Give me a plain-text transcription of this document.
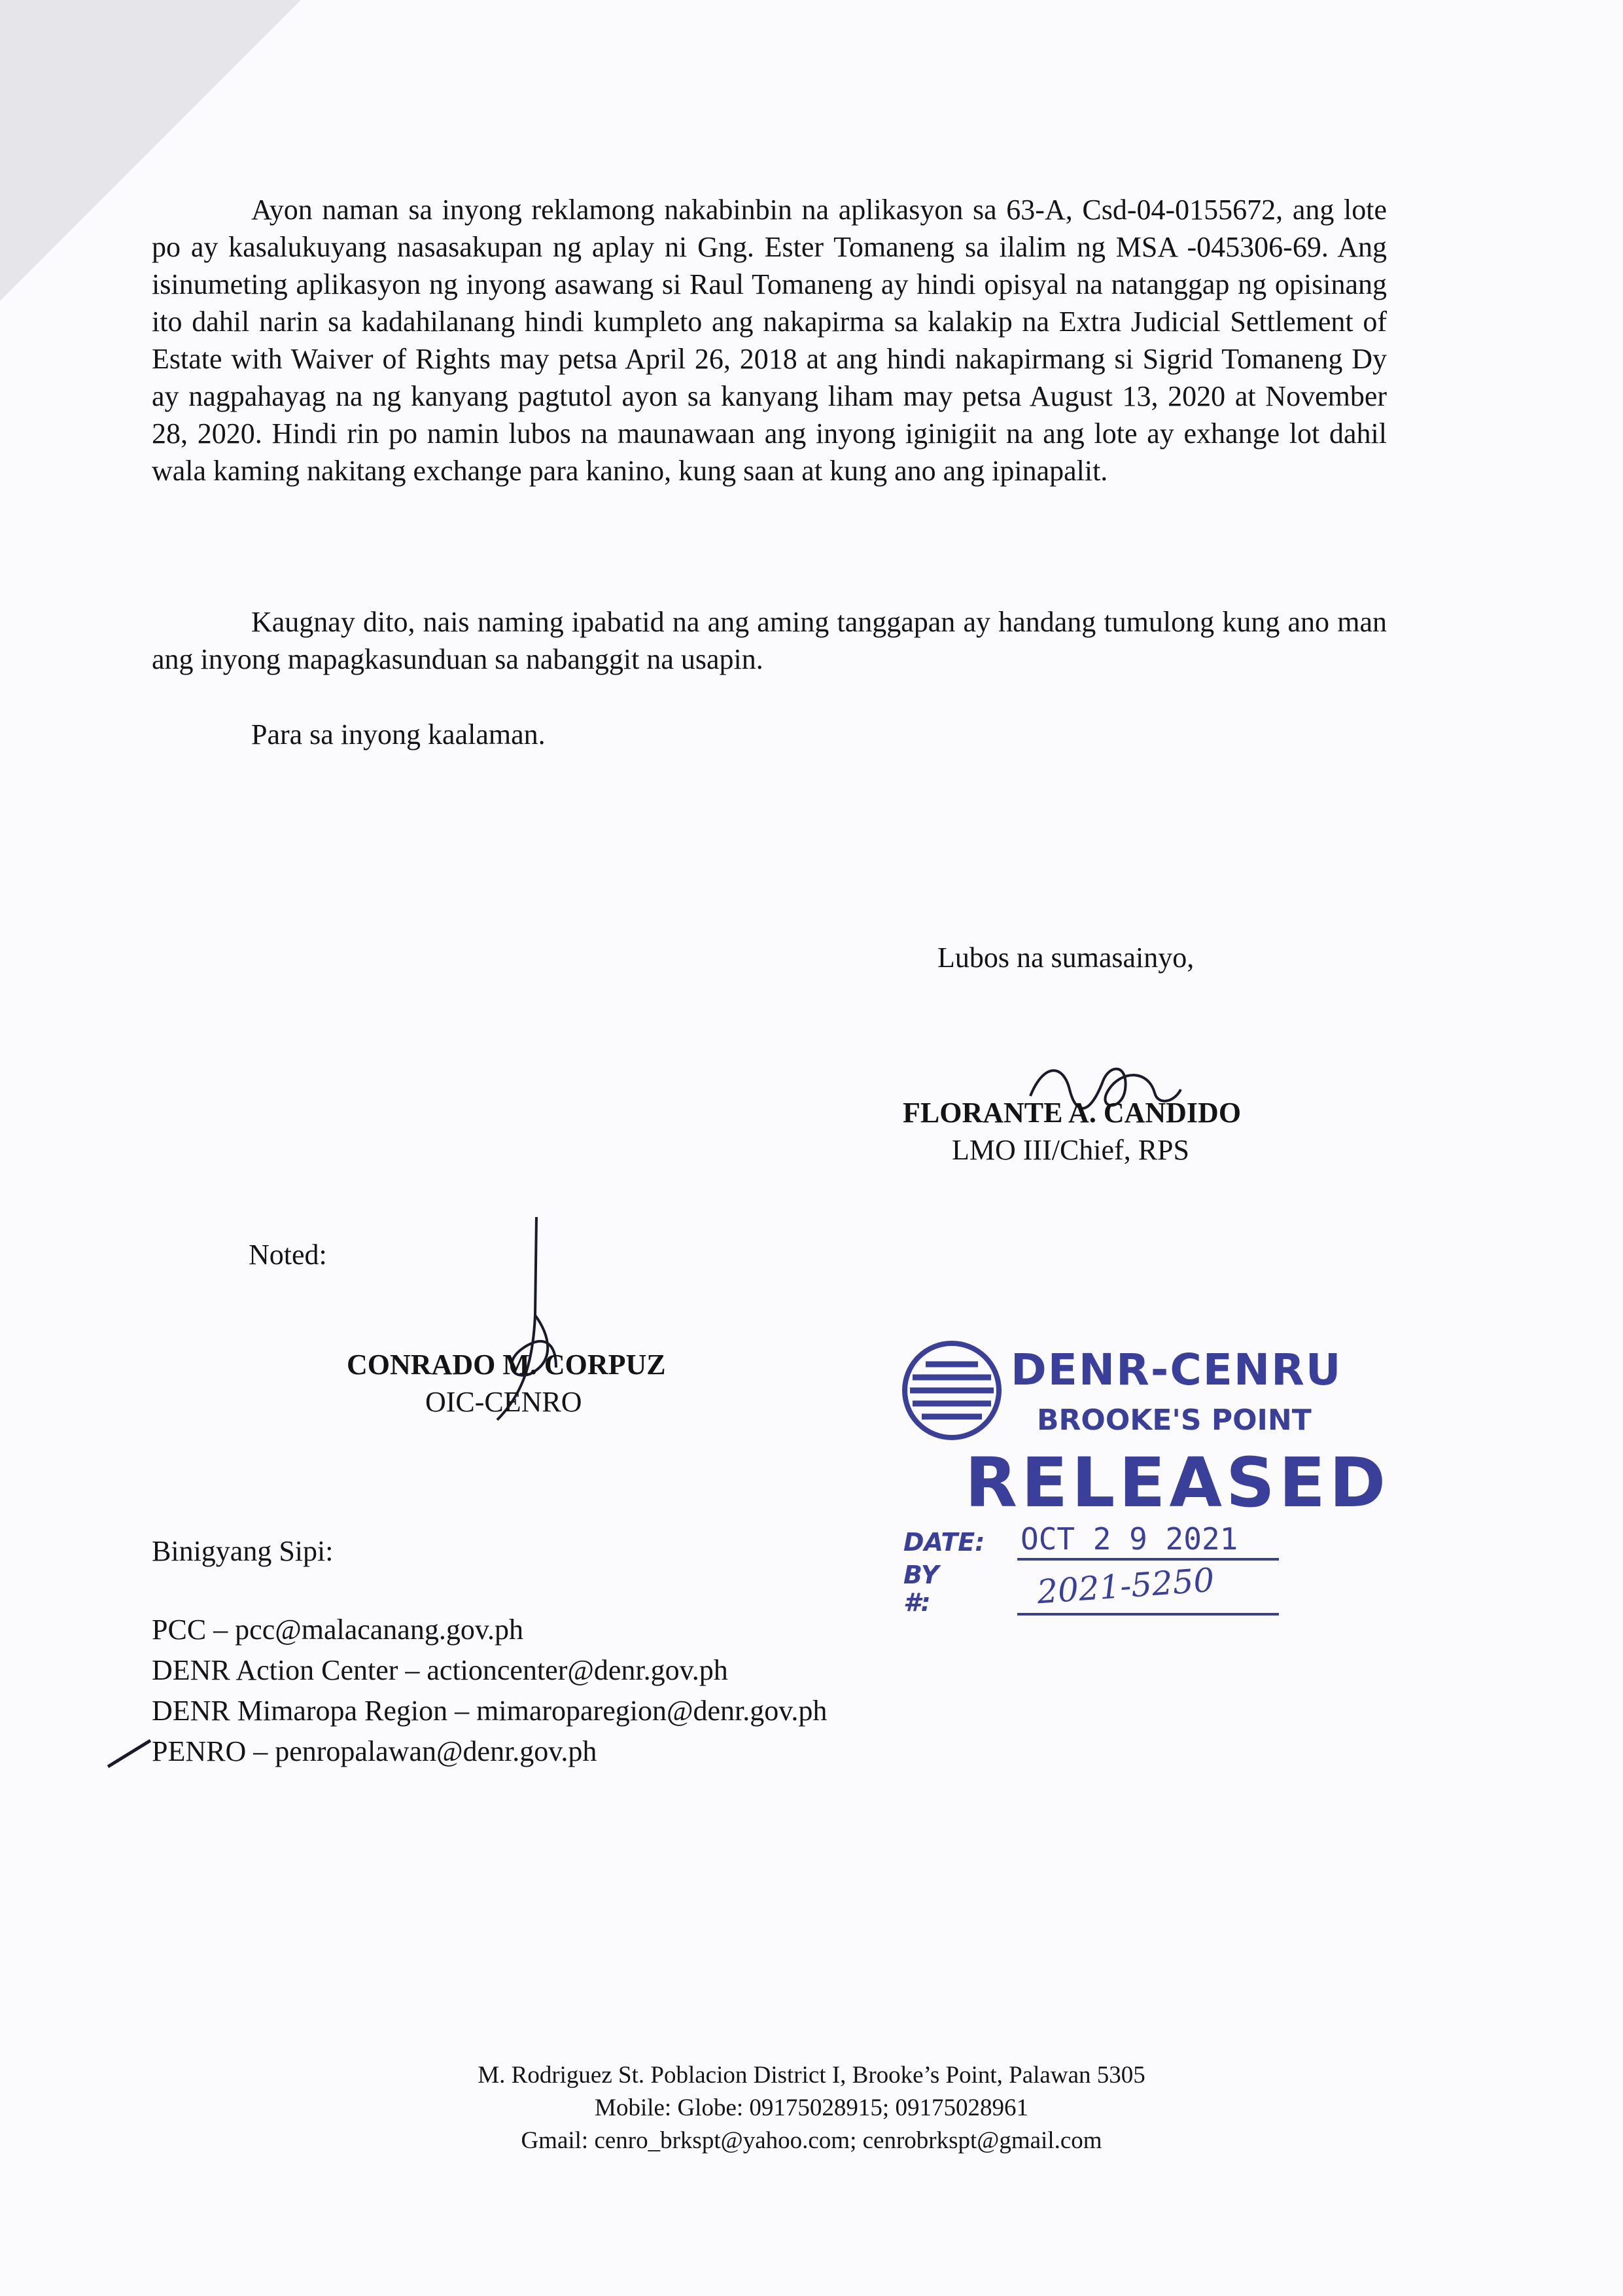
Ayon naman sa inyong reklamong nakabinbin na aplikasyon sa 63-A, Csd-04-0155672, ang lote po ay kasalukuyang nasasakupan ng aplay ni Gng. Ester Tomaneng sa ilalim ng MSA -045306-69. Ang isinumeting aplikasyon ng inyong asawang si Raul Tomaneng ay hindi opisyal na natanggap ng opisinang ito dahil narin sa kadahilanang hindi kumpleto ang nakapirma sa kalakip na Extra Judicial Settlement of Estate with Waiver of Rights may petsa April 26, 2018 at ang hindi nakapirmang si Sigrid Tomaneng Dy ay nagpahayag na ng kanyang pagtutol ayon sa kanyang liham may petsa August 13, 2020 at November 28, 2020. Hindi rin po namin lubos na maunawaan ang inyong iginigiit na ang lote ay exhange lot dahil wala kaming nakitang exchange para kanino, kung saan at kung ano ang ipinapalit.

Kaugnay dito, nais naming ipabatid na ang aming tanggapan ay handang tumulong kung ano man ang inyong mapagkasunduan sa nabanggit na usapin.

Para sa inyong kaalaman.

Lubos na sumasainyo,
FLORANTE A. CANDIDO
LMO III/Chief, RPS
Noted:
CONRADO M. CORPUZ
OIC-CENRO
DENR-CENRU
BROOKE'S POINT
RELEASED
DATE: OCT 2 9 2021
BY
#:	2021-5250
Binigyang Sipi:
PCC – pcc@malacanang.gov.ph
DENR Action Center – actioncenter@denr.gov.ph
DENR Mimaropa Region – mimaroparegion@denr.gov.ph
PENRO – penropalawan@denr.gov.ph
M. Rodriguez St. Poblacion District I, Brooke’s Point, Palawan 5305
Mobile: Globe: 09175028915; 09175028961
Gmail: cenro_brkspt@yahoo.com; cenrobrkspt@gmail.com
